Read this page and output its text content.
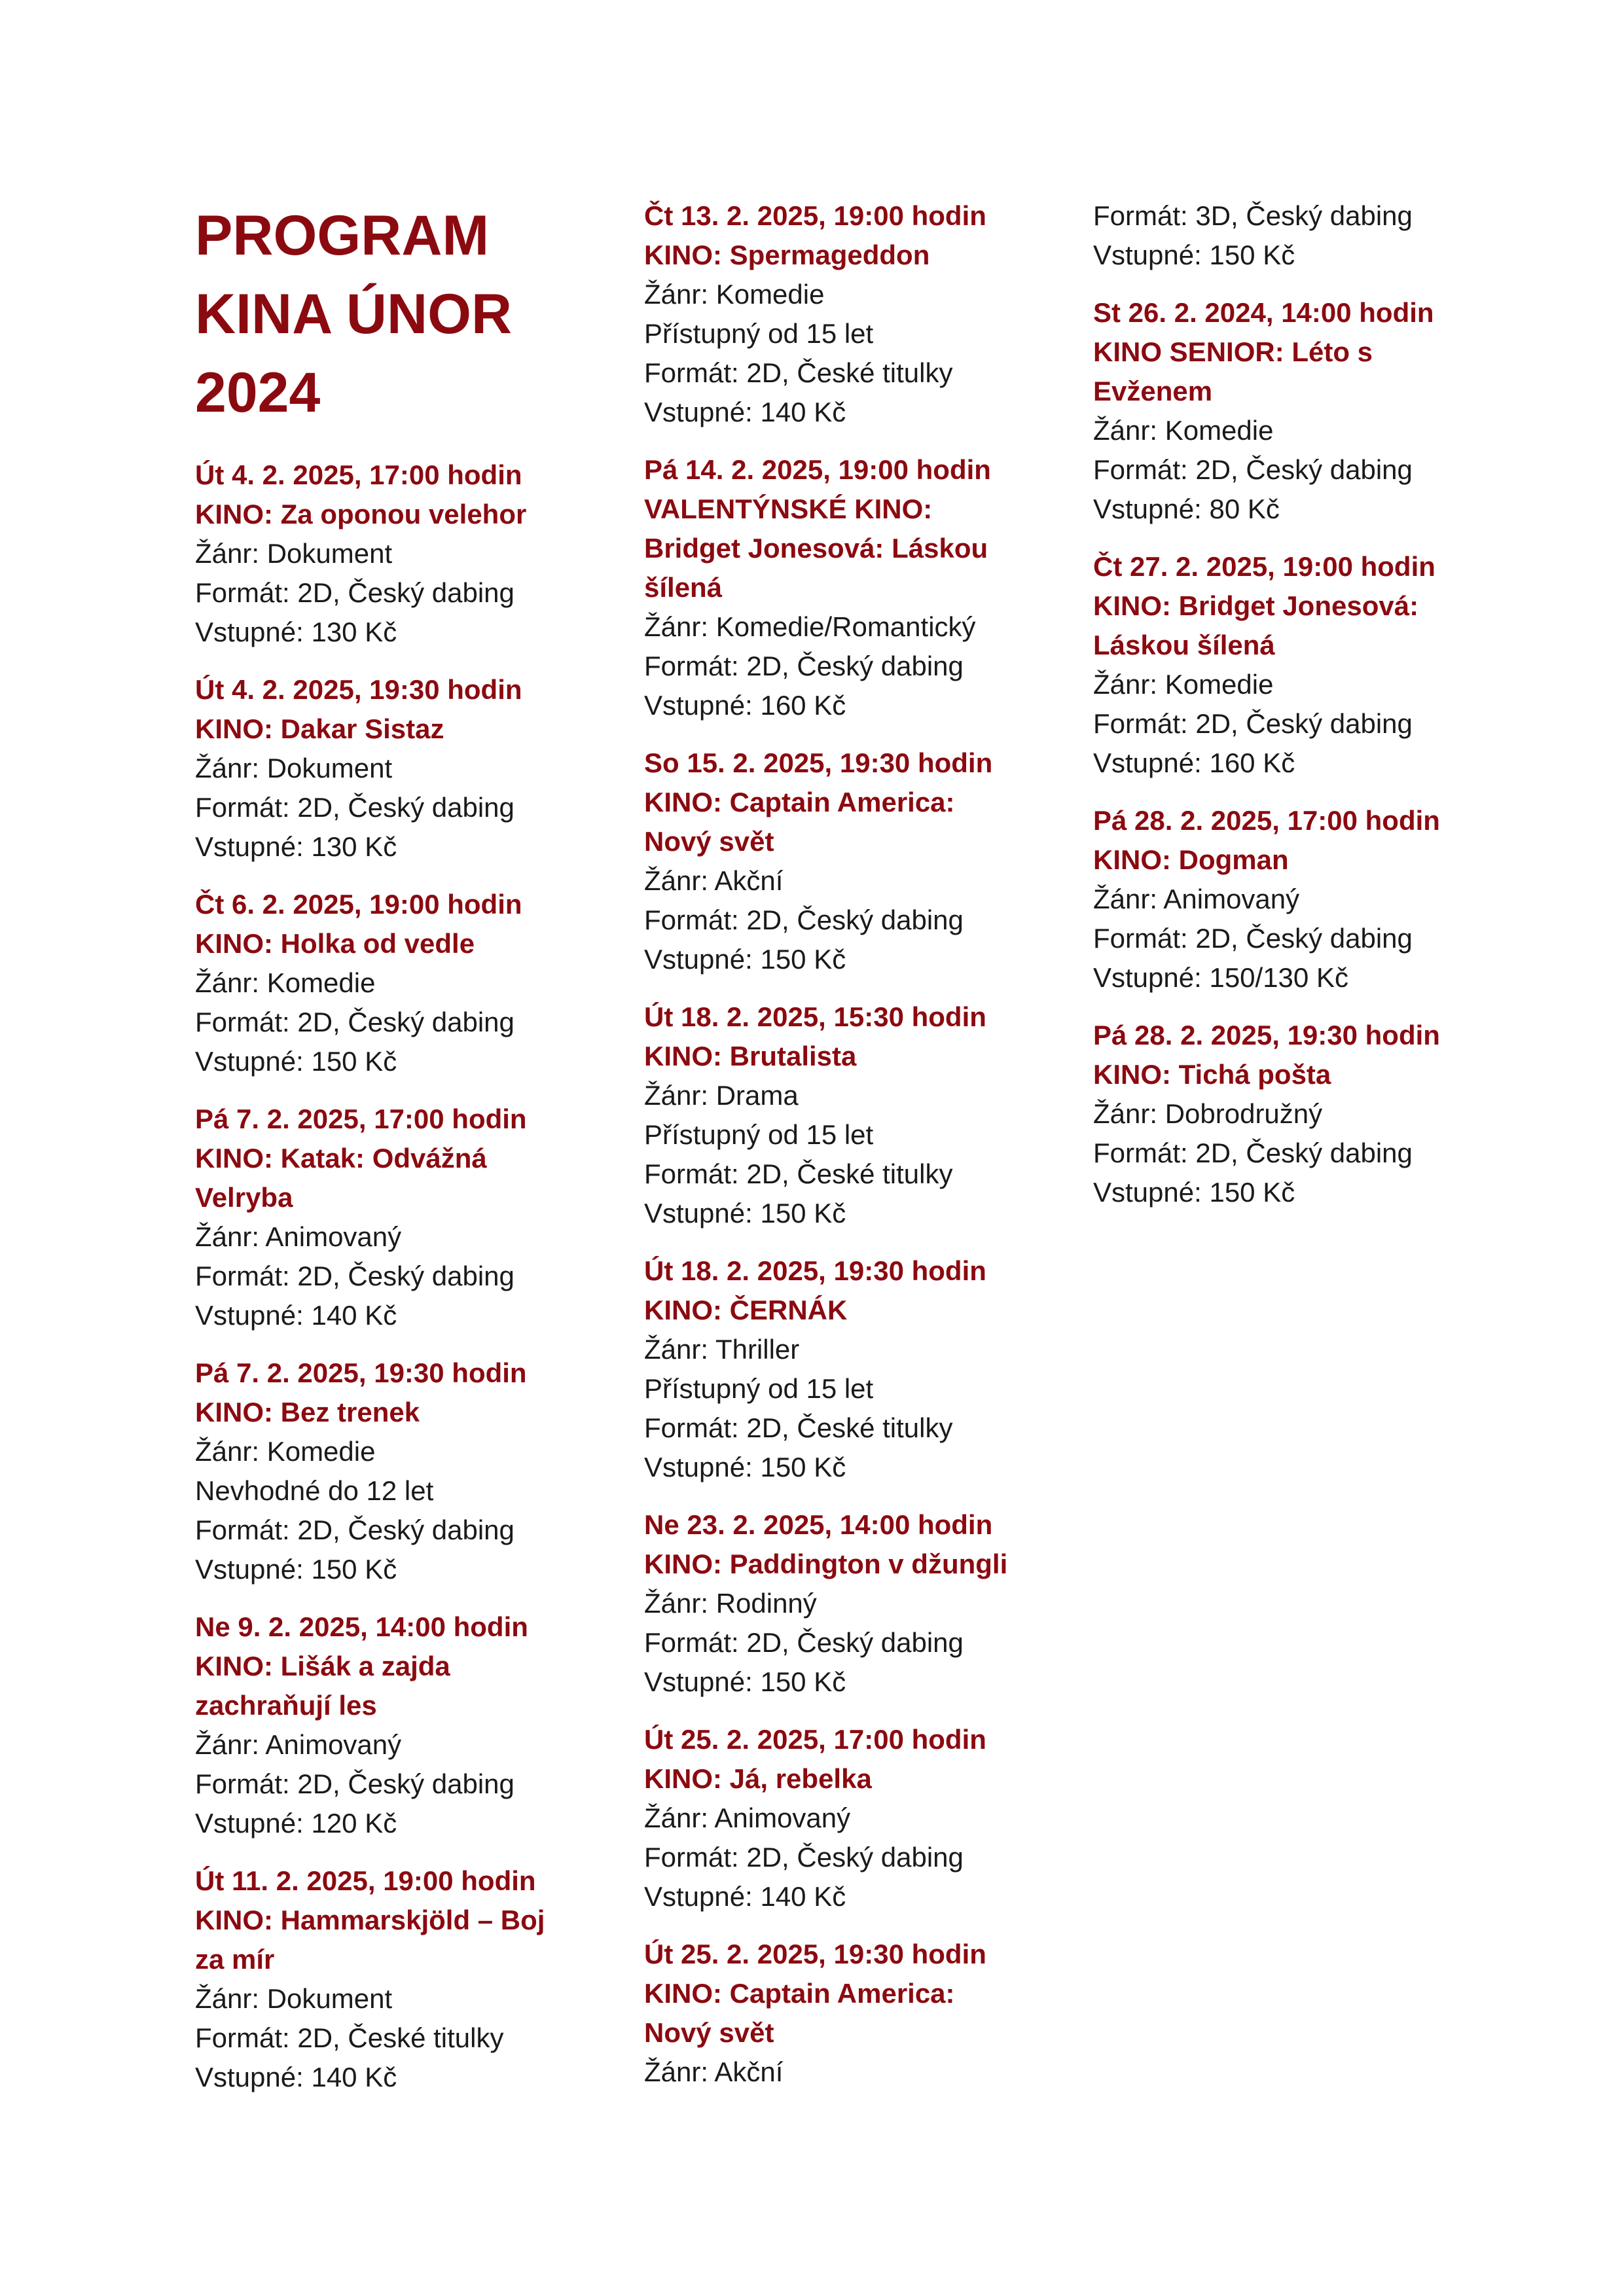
PROGRAM
KINA ÚNOR
2024
Út 4. 2. 2025, 17:00 hodin
KINO: Za oponou velehor
Žánr: Dokument
Formát: 2D, Český dabing
Vstupné: 130 Kč
Út 4. 2. 2025, 19:30 hodin
KINO: Dakar Sistaz
Žánr: Dokument
Formát: 2D, Český dabing
Vstupné: 130 Kč
Čt 6. 2. 2025, 19:00 hodin
KINO: Holka od vedle
Žánr: Komedie
Formát: 2D, Český dabing
Vstupné: 150 Kč
Pá 7. 2. 2025, 17:00 hodin
KINO: Katak: Odvážná
Velryba
Žánr: Animovaný
Formát: 2D, Český dabing
Vstupné: 140 Kč
Pá 7. 2. 2025, 19:30 hodin
KINO: Bez trenek
Žánr: Komedie
Nevhodné do 12 let
Formát: 2D, Český dabing
Vstupné: 150 Kč
Ne 9. 2. 2025, 14:00 hodin
KINO: Lišák a zajda
zachraňují les
Žánr: Animovaný
Formát: 2D, Český dabing
Vstupné: 120 Kč
Út 11. 2. 2025, 19:00 hodin
KINO: Hammarskjöld – Boj
za mír
Žánr: Dokument
Formát: 2D, České titulky
Vstupné: 140 Kč
Čt 13. 2. 2025, 19:00 hodin
KINO: Spermageddon
Žánr: Komedie
Přístupný od 15 let
Formát: 2D, České titulky
Vstupné: 140 Kč
Pá 14. 2. 2025, 19:00 hodin
VALENTÝNSKÉ KINO:
Bridget Jonesová: Láskou
šílená
Žánr: Komedie/Romantický
Formát: 2D, Český dabing
Vstupné: 160 Kč
So 15. 2. 2025, 19:30 hodin
KINO: Captain America:
Nový svět
Žánr: Akční
Formát: 2D, Český dabing
Vstupné: 150 Kč
Út 18. 2. 2025, 15:30 hodin
KINO: Brutalista
Žánr: Drama
Přístupný od 15 let
Formát: 2D, České titulky
Vstupné: 150 Kč
Út 18. 2. 2025, 19:30 hodin
KINO: ČERNÁK
Žánr: Thriller
Přístupný od 15 let
Formát: 2D, České titulky
Vstupné: 150 Kč
Ne 23. 2. 2025, 14:00 hodin
KINO: Paddington v džungli
Žánr: Rodinný
Formát: 2D, Český dabing
Vstupné: 150 Kč
Út 25. 2. 2025, 17:00 hodin
KINO: Já, rebelka
Žánr: Animovaný
Formát: 2D, Český dabing
Vstupné: 140 Kč
Út 25. 2. 2025, 19:30 hodin
KINO: Captain America:
Nový svět
Žánr: Akční
Formát: 3D, Český dabing
Vstupné: 150 Kč
St 26. 2. 2024, 14:00 hodin
KINO SENIOR: Léto s
Evženem
Žánr: Komedie
Formát: 2D, Český dabing
Vstupné: 80 Kč
Čt 27. 2. 2025, 19:00 hodin
KINO: Bridget Jonesová:
Láskou šílená
Žánr: Komedie
Formát: 2D, Český dabing
Vstupné: 160 Kč
Pá 28. 2. 2025, 17:00 hodin
KINO: Dogman
Žánr: Animovaný
Formát: 2D, Český dabing
Vstupné: 150/130 Kč
Pá 28. 2. 2025, 19:30 hodin
KINO: Tichá pošta
Žánr: Dobrodružný
Formát: 2D, Český dabing
Vstupné: 150 Kč
